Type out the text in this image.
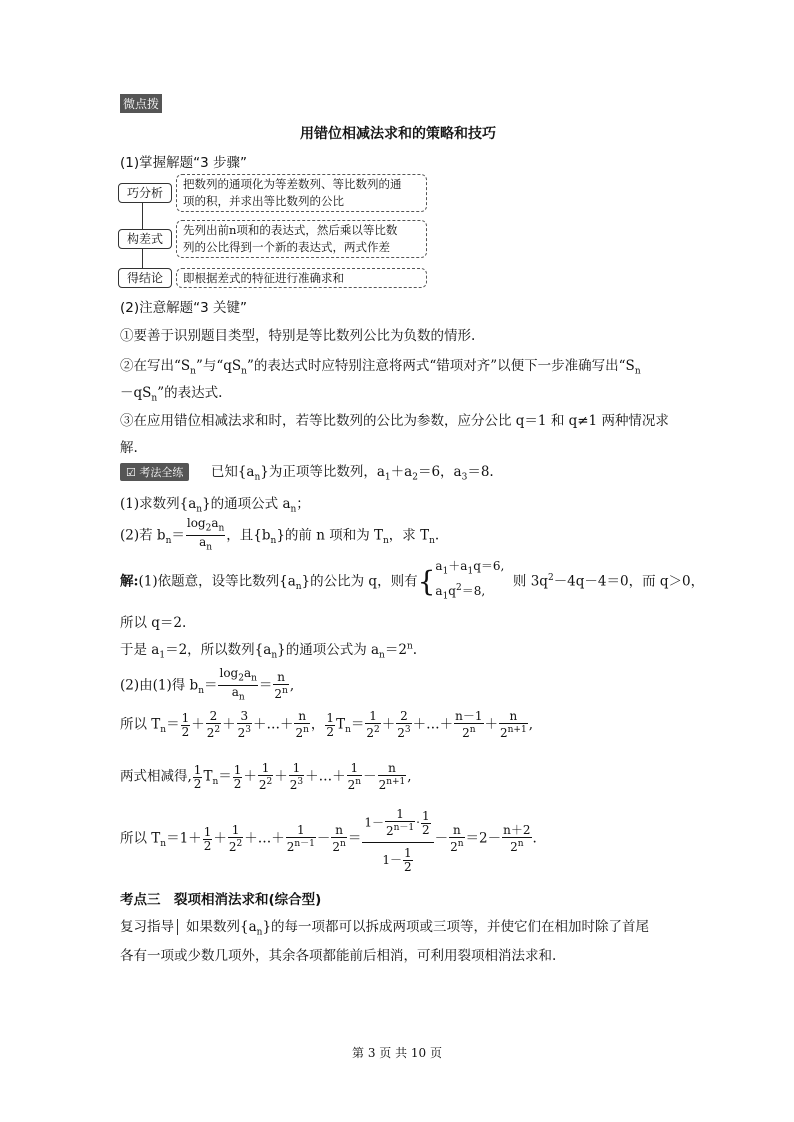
微点拨
用错位相减法求和的策略和技巧
(1)掌握解题“3 步骤”
巧分析
把数列的通项化为等差数列、等比数列的通
项的积，并求出等比数列的公比
构差式
先列出前n项和的表达式，然后乘以等比数
列的公比得到一个新的表达式，两式作差
得结论	即根据差式的特征进行准确求和
(2)注意解题“3 关键”
①要善于识别题目类型，特别是等比数列公比为负数的情形.
②在写出“$S_n$”与“$qS_n$”的表达式时应特别注意将两式“错项对齐”以便下一步准确写出“$S_n$
$-qS_n$”的表达式.
③在应用错位相减法求和时，若等比数列的公比为参数，应分公比 q＝1 和 q≠1 两种情况求
解.
☑ 考法全练 已知$\{a_n\}$为正项等比数列，$a_1+a_2=6$，$a_3=8$.
(1)求数列$\{a_n\}$的通项公式 $a_n$；
(2)若 $b_n= \frac{\log_2a_n}{a_n}$ ，且$\{b_n\}$的前 n 项和为 $T_n$，求 $T_n$.
解:(1)依题意，设等比数列$\{a_n\}$的公比为 q，则有{$a_1+a_1q=6$,
$a_1q^2=8$,  则 $3q^2-4q-4=0$，而 q＞0，
所以 q＝2.
于是 $a_1=2$，所以数列$\{a_n\}$的通项公式为 $a_n=2^n$.
(2)由(1)得 $b_n= \frac{\log_2a_n}{a_n} = \frac{n}{2^n}$ ,
所以 $T_n= \frac{1}{2} + \frac{2}{2^2} + \frac{3}{2^3}$ ＋…＋ $\frac{n}{2^n}$ ， $\frac{1}{2} T_n= \frac{1}{2^2} + \frac{2}{2^3}$ ＋…＋ $\frac{n-1}{2^n} + \frac{n}{2^{n+1}}$ ,
两式相减得, $\frac{1}{2} T_n= \frac{1}{2} + \frac{1}{2^2} + \frac{1}{2^3}$ ＋…＋ $\frac{1}{2^n} - \frac{n}{2^{n+1}}$ ,
所以 $T_n=1+ \frac{1}{2} + \frac{1}{2^2}$ ＋…＋ $\frac{1}{2^{n-1}} - \frac{n}{2^n} = \frac{1- \frac{1}{2^{n-1}} \cdot \frac{1}{2}}{1- \frac{1}{2}} - \frac{n}{2^n} =2- \frac{n+2}{2^n}$ .
考点三　裂项相消法求和(综合型)
复习指导 如果数列$\{a_n\}$的每一项都可以拆成两项或三项等，并使它们在相加时除了首尾
各有一项或少数几项外，其余各项都能前后相消，可利用裂项相消法求和.
第 3 页 共 10 页
